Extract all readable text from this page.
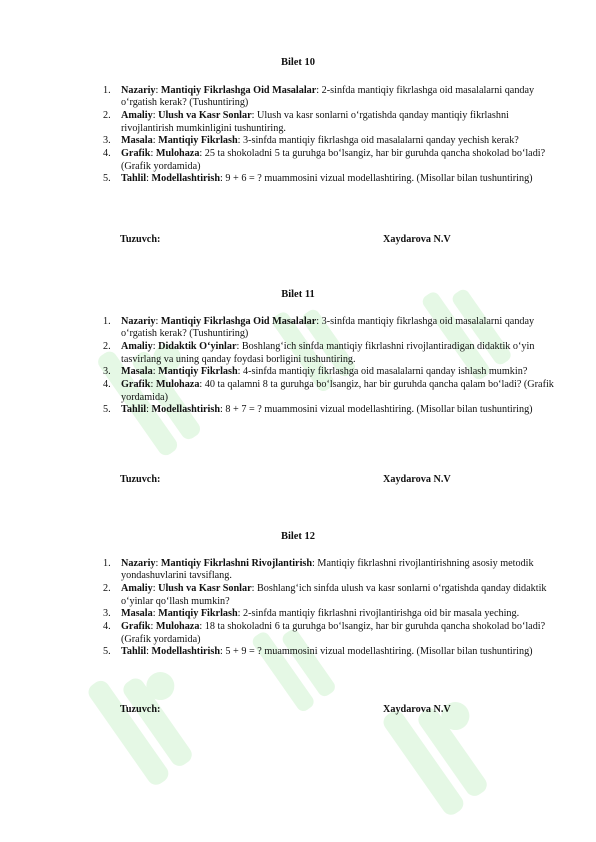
Bilet 10
1. Nazariy: Mantiqiy Fikrlashga Oid Masalalar: 2-sinfda mantiqiy fikrlashga oid masalalarni qanday o‘rgatish kerak? (Tushuntiring)
2. Amaliy: Ulush va Kasr Sonlar: Ulush va kasr sonlarni o‘rgatishda qanday mantiqiy fikrlashni rivojlantirish mumkinligini tushuntiring.
3. Masala: Mantiqiy Fikrlash: 3-sinfda mantiqiy fikrlashga oid masalalarni qanday yechish kerak?
4. Grafik: Mulohaza: 25 ta shokoladni 5 ta guruhga bo‘lsangiz, har bir guruhda qancha shokolad bo‘ladi? (Grafik yordamida)
5. Tahlil: Modellashtirish: 9 + 6 = ? muammosini vizual modellashtiring. (Misollar bilan tushuntiring)
Tuzuvch:	Xaydarova N.V
Bilet 11
1. Nazariy: Mantiqiy Fikrlashga Oid Masalalar: 3-sinfda mantiqiy fikrlashga oid masalalarni qanday o‘rgatish kerak? (Tushuntiring)
2. Amaliy: Didaktik O‘yinlar: Boshlang‘ich sinfda mantiqiy fikrlashni rivojlantiradigan didaktik o‘yin tasvirlang va uning qanday foydasi borligini tushuntiring.
3. Masala: Mantiqiy Fikrlash: 4-sinfda mantiqiy fikrlashga oid masalalarni qanday ishlash mumkin?
4. Grafik: Mulohaza: 40 ta qalamni 8 ta guruhga bo‘lsangiz, har bir guruhda qancha qalam bo‘ladi? (Grafik yordamida)
5. Tahlil: Modellashtirish: 8 + 7 = ? muammosini vizual modellashtiring. (Misollar bilan tushuntiring)
Tuzuvch:	Xaydarova N.V
Bilet 12
1. Nazariy: Mantiqiy Fikrlashni Rivojlantirish: Mantiqiy fikrlashni rivojlantirishning asosiy metodik yondashuvlarini tavsiflang.
2. Amaliy: Ulush va Kasr Sonlar: Boshlang‘ich sinfda ulush va kasr sonlarni o‘rgatishda qanday didaktik o‘yinlar qo‘llash mumkin?
3. Masala: Mantiqiy Fikrlash: 2-sinfda mantiqiy fikrlashni rivojlantirishga oid bir masala yeching.
4. Grafik: Mulohaza: 18 ta shokoladni 6 ta guruhga bo‘lsangiz, har bir guruhda qancha shokolad bo‘ladi? (Grafik yordamida)
5. Tahlil: Modellashtirish: 5 + 9 = ? muammosini vizual modellashtiring. (Misollar bilan tushuntiring)
Tuzuvch:	Xaydarova N.V
